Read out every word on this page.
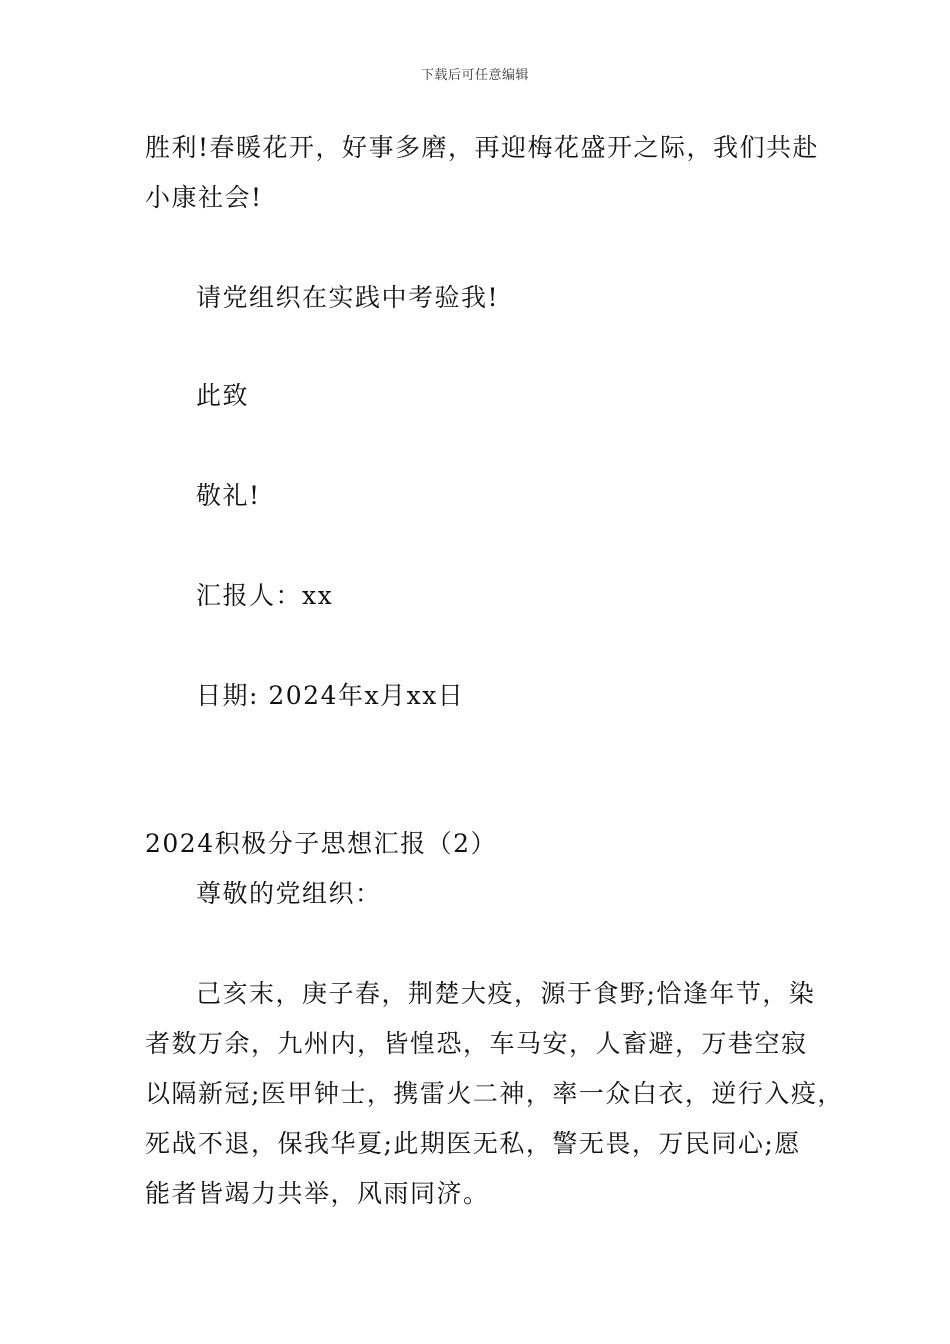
下载后可任意编辑
胜利!春暖花开，好事多磨，再迎梅花盛开之际，我们共赴
小康社会!
请党组织在实践中考验我!
此致
敬礼!
汇报人：xx
日期: 2024年x月xx日
2024积极分子思想汇报（2）
尊敬的党组织：
己亥末，庚子春，荆楚大疫，源于食野;恰逢年节，染
者数万余，九州内，皆惶恐，车马安，人畜避，万巷空寂
以隔新冠;医甲钟士，携雷火二神，率一众白衣，逆行入疫，
死战不退，保我华夏;此期医无私，警无畏，万民同心;愿
能者皆竭力共举，风雨同济。
